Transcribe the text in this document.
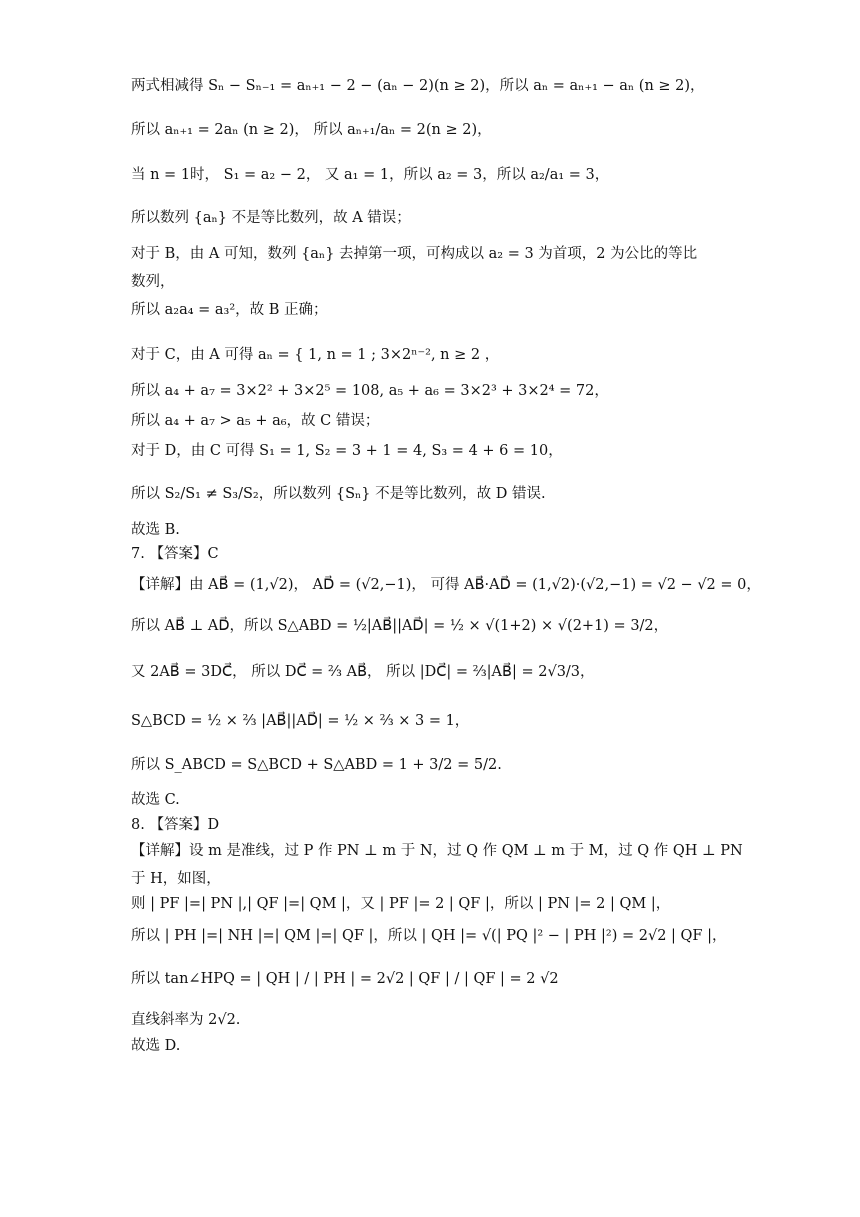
两式相减得 Sₙ − Sₙ₋₁ = aₙ₊₁ − 2 − (aₙ − 2)(n ≥ 2)，所以 aₙ = aₙ₊₁ − aₙ (n ≥ 2)，
所以 aₙ₊₁ = 2aₙ (n ≥ 2)， 所以 aₙ₊₁/aₙ = 2(n ≥ 2)，
当 n = 1时， S₁ = a₂ − 2， 又 a₁ = 1，所以 a₂ = 3，所以 a₂/a₁ = 3，
所以数列 {aₙ} 不是等比数列，故 A 错误；
对于 B，由 A 可知，数列 {aₙ} 去掉第一项，可构成以 a₂ = 3 为首项，2 为公比的等比
数列，
所以 a₂a₄ = a₃²，故 B 正确；
对于 C，由 A 可得 aₙ = { 1, n = 1 ; 3×2ⁿ⁻², n ≥ 2 ，
所以 a₄ + a₇ = 3×2² + 3×2⁵ = 108, a₅ + a₆ = 3×2³ + 3×2⁴ = 72，
所以 a₄ + a₇ > a₅ + a₆，故 C 错误；
对于 D，由 C 可得 S₁ = 1, S₂ = 3 + 1 = 4, S₃ = 4 + 6 = 10，
所以 S₂/S₁ ≠ S₃/S₂，所以数列 {Sₙ} 不是等比数列，故 D 错误.
故选 B.
7. 【答案】C
【详解】由 AB⃗ = (1,√2)， AD⃗ = (√2,−1)， 可得 AB⃗·AD⃗ = (1,√2)·(√2,−1) = √2 − √2 = 0，
所以 AB⃗ ⊥ AD⃗，所以 S△ABD = ½|AB⃗||AD⃗| = ½ × √(1+2) × √(2+1) = 3/2，
又 2AB⃗ = 3DC⃗， 所以 DC⃗ = ⅔ AB⃗， 所以 |DC⃗| = ⅔|AB⃗| = 2√3/3，
S△BCD = ½ × ⅔ |AB⃗||AD⃗| = ½ × ⅔ × 3 = 1，
所以 S_ABCD = S△BCD + S△ABD = 1 + 3/2 = 5/2.
故选 C.
8. 【答案】D
【详解】设 m 是准线，过 P 作 PN ⊥ m 于 N，过 Q 作 QM ⊥ m 于 M，过 Q 作 QH ⊥ PN
于 H，如图，
则 | PF |=| PN |,| QF |=| QM |，又 | PF |= 2 | QF |，所以 | PN |= 2 | QM |，
所以 | PH |=| NH |=| QM |=| QF |，所以 | QH |= √(| PQ |² − | PH |²) = 2√2 | QF |，
所以 tan∠HPQ = | QH | / | PH | = 2√2 | QF | / | QF | = 2 √2
直线斜率为 2√2.
故选 D.
